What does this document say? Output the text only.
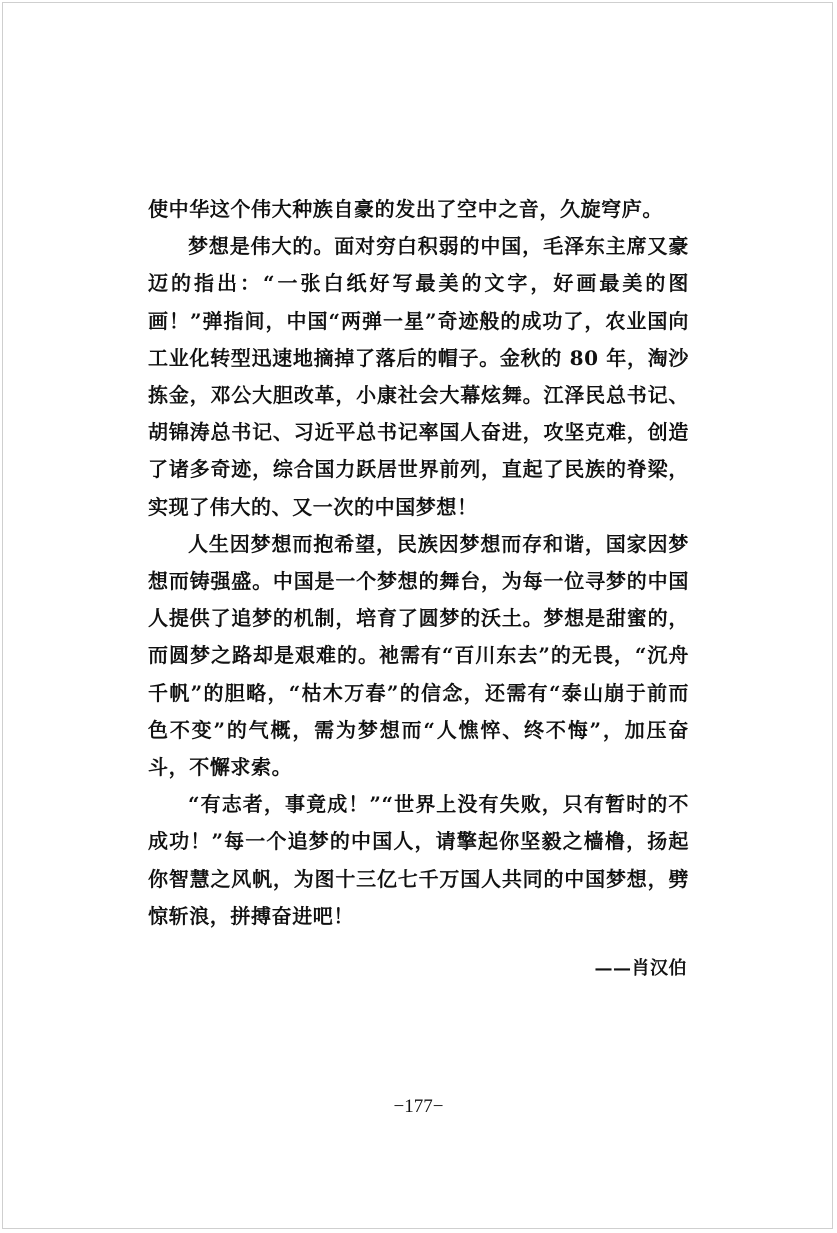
使中华这个伟大种族自豪的发出了空中之音，久旋穹庐。

梦想是伟大的。面对穷白积弱的中国，毛泽东主席又豪迈的指出：“一张白纸好写最美的文字，好画最美的图画！”弹指间，中国“两弹一星”奇迹般的成功了，农业国向工业化转型迅速地摘掉了落后的帽子。金秋的 80 年，淘沙拣金，邓公大胆改革，小康社会大幕炫舞。江泽民总书记、胡锦涛总书记、习近平总书记率国人奋进，攻坚克难，创造了诸多奇迹，综合国力跃居世界前列，直起了民族的脊梁，实现了伟大的、又一次的中国梦想！

人生因梦想而抱希望，民族因梦想而存和谐，国家因梦想而铸强盛。中国是一个梦想的舞台，为每一位寻梦的中国人提供了追梦的机制，培育了圆梦的沃土。梦想是甜蜜的，而圆梦之路却是艰难的。祂需有“百川东去”的无畏，“沉舟千帆”的胆略，“枯木万春”的信念，还需有“泰山崩于前而色不变”的气概，需为梦想而“人憔悴、终不悔”，加压奋斗，不懈求索。

“有志者，事竟成！”“世界上没有失败，只有暂时的不成功！”每一个追梦的中国人，请擎起你坚毅之樯橹，扬起你智慧之风帆，为图十三亿七千万国人共同的中国梦想，劈惊斩浪，拼搏奋进吧！

——肖汉伯
−177−
